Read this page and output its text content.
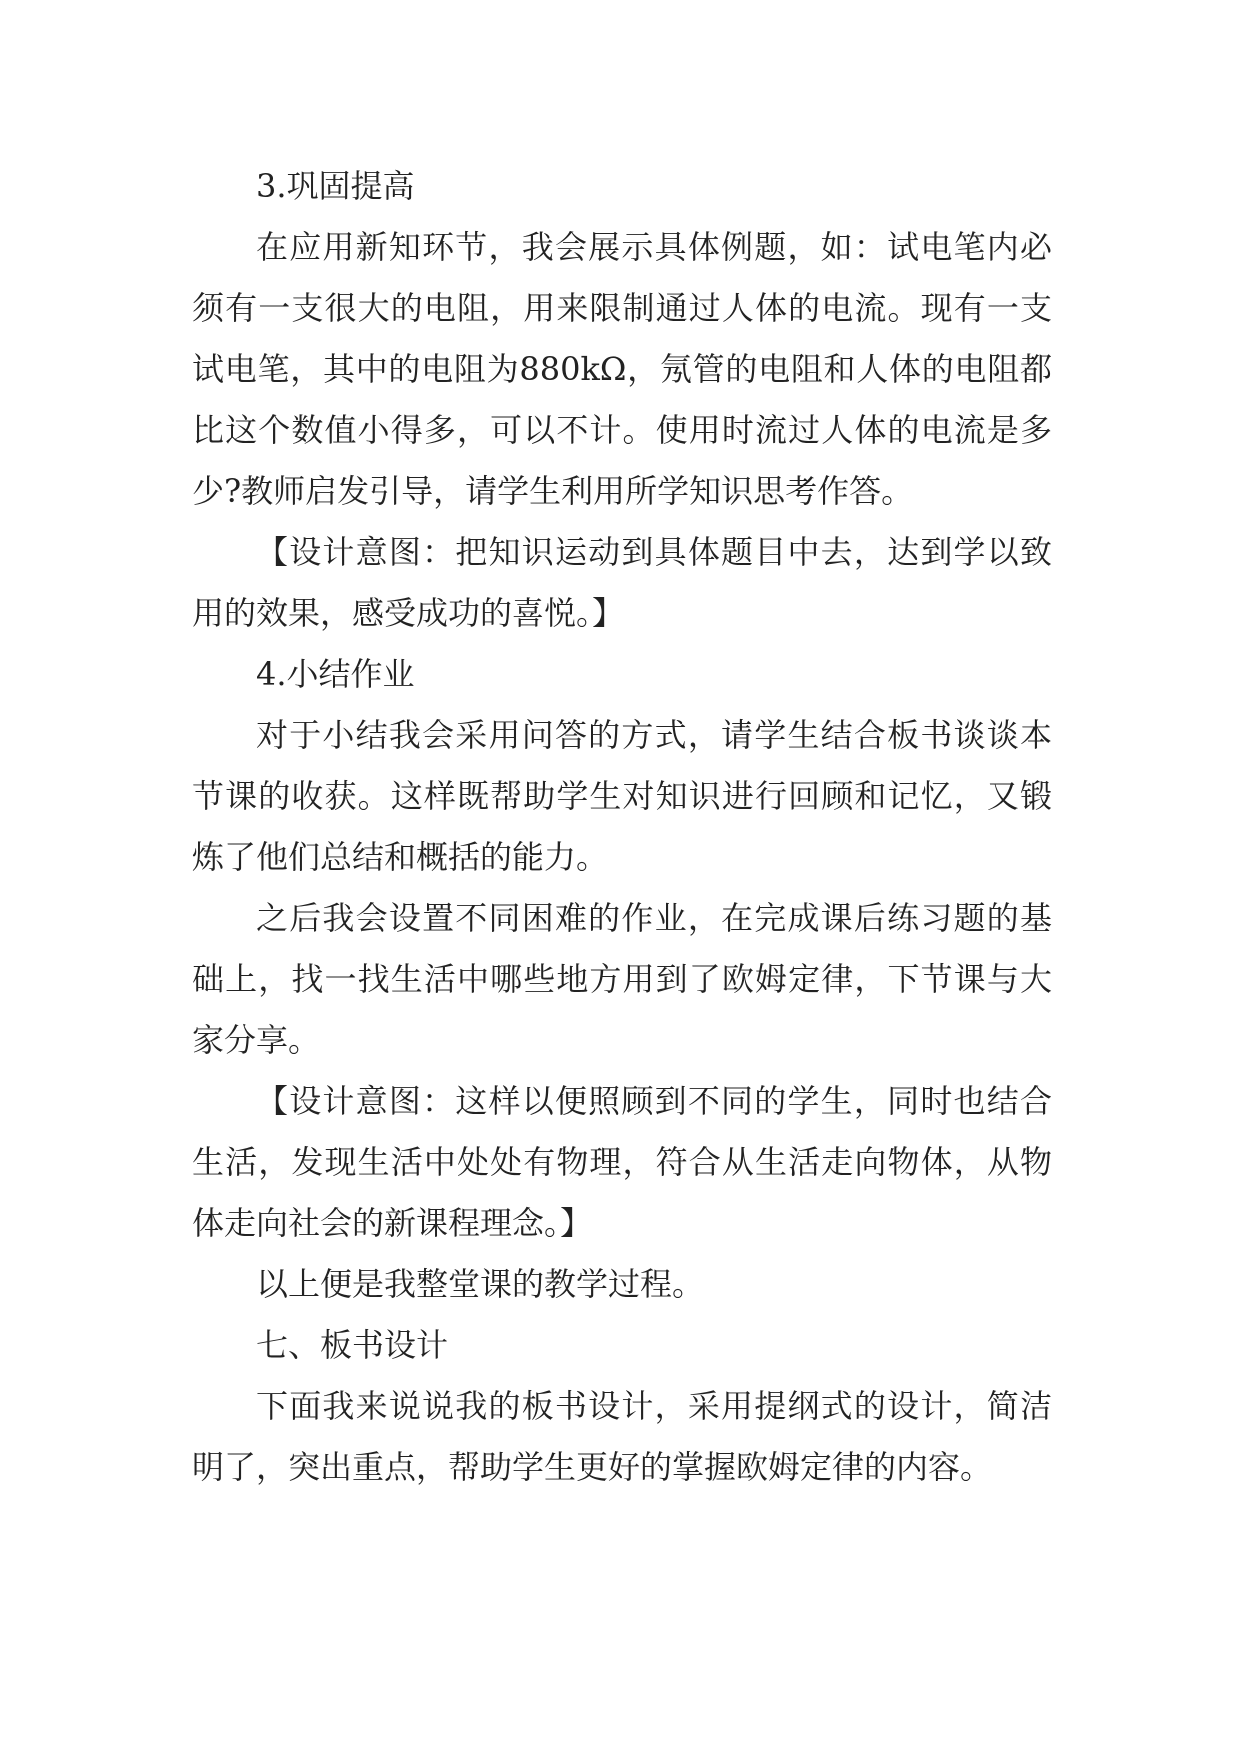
3.巩固提高

在应用新知环节，我会展示具体例题，如：试电笔内必须有一支很大的电阻，用来限制通过人体的电流。现有一支试电笔，其中的电阻为880kΩ，氖管的电阻和人体的电阻都比这个数值小得多，可以不计。使用时流过人体的电流是多少?教师启发引导，请学生利用所学知识思考作答。

【设计意图：把知识运动到具体题目中去，达到学以致用的效果，感受成功的喜悦。】

4.小结作业

对于小结我会采用问答的方式，请学生结合板书谈谈本节课的收获。这样既帮助学生对知识进行回顾和记忆，又锻炼了他们总结和概括的能力。

之后我会设置不同困难的作业，在完成课后练习题的基础上，找一找生活中哪些地方用到了欧姆定律，下节课与大家分享。

【设计意图：这样以便照顾到不同的学生，同时也结合生活，发现生活中处处有物理，符合从生活走向物体，从物体走向社会的新课程理念。】

以上便是我整堂课的教学过程。

七、板书设计

下面我来说说我的板书设计，采用提纲式的设计，简洁明了，突出重点，帮助学生更好的掌握欧姆定律的内容。
